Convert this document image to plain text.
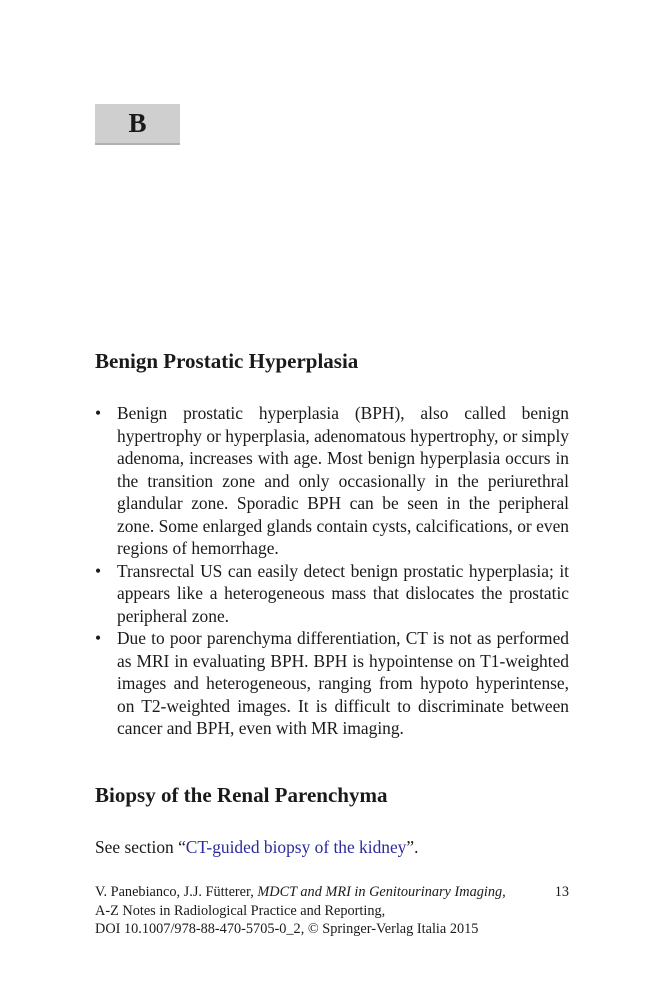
B
Benign Prostatic Hyperplasia
• Benign prostatic hyperplasia (BPH), also called benign hypertrophy or hyperplasia, adenomatous hypertrophy, or simply adenoma, increases with age. Most benign hyperplasia occurs in the transition zone and only occasionally in the periurethral glandular zone. Sporadic BPH can be seen in the peripheral zone. Some enlarged glands contain cysts, calcifications, or even regions of hemorrhage.
• Transrectal US can easily detect benign prostatic hyperplasia; it appears like a heterogeneous mass that dislocates the prostatic peripheral zone.
• Due to poor parenchyma differentiation, CT is not as performed as MRI in evaluating BPH. BPH is hypointense on T1-weighted images and heterogeneous, ranging from hypoto hyperintense, on T2-weighted images. It is difficult to discriminate between cancer and BPH, even with MR imaging.
Biopsy of the Renal Parenchyma

See section “CT-guided biopsy of the kidney”.

V. Panebianco, J.J. Fütterer, MDCT and MRI in Genitourinary Imaging,	13
A-Z Notes in Radiological Practice and Reporting,
DOI 10.1007/978-88-470-5705-0_2, © Springer-Verlag Italia 2015
